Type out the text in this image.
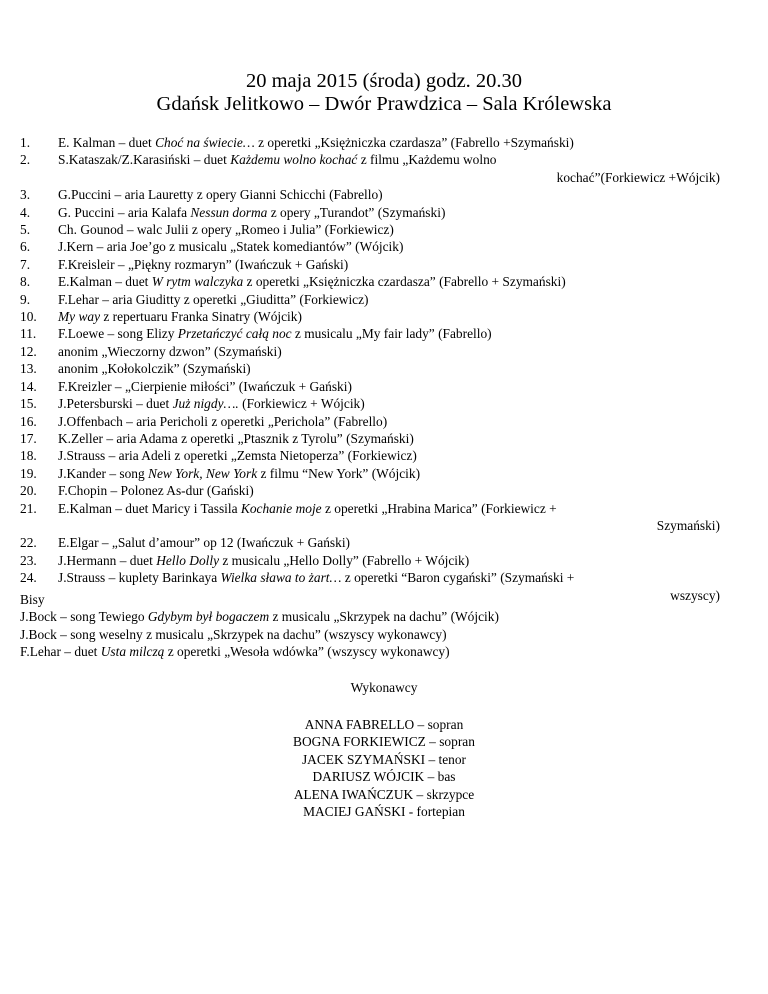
20 maja 2015 (środa) godz. 20.30
Gdańsk Jelitkowo – Dwór Prawdzica – Sala Królewska
1. E. Kalman – duet Choć na świecie… z operetki „Księżniczka czardasza” (Fabrello +Szymański)
2. S.Kataszak/Z.Karasiński – duet Każdemu wolno kochać z filmu „Każdemu wolno
kochać”(Forkiewicz +Wójcik)
3. G.Puccini – aria Lauretty z opery Gianni Schicchi (Fabrello)
4. G. Puccini – aria Kalafa Nessun dorma z opery „Turandot” (Szymański)
5. Ch. Gounod – walc Julii z opery „Romeo i Julia” (Forkiewicz)
6. J.Kern – aria Joe’go z musicalu „Statek komediantów” (Wójcik)
7. F.Kreisleir – „Piękny rozmaryn” (Iwańczuk + Gański)
8. E.Kalman – duet W rytm walczyka z operetki „Księżniczka czardasza” (Fabrello + Szymański)
9. F.Lehar – aria Giuditty z operetki „Giuditta” (Forkiewicz)
10. My way z repertuaru Franka Sinatry (Wójcik)
11. F.Loewe – song Elizy Przetańczyć całą noc z musicalu „My fair lady” (Fabrello)
12. anonim „Wieczorny dzwon” (Szymański)
13. anonim „Kołokolczik” (Szymański)
14. F.Kreizler – „Cierpienie miłości” (Iwańczuk + Gański)
15. J.Petersburski – duet Już nigdy…. (Forkiewicz + Wójcik)
16. J.Offenbach – aria Pericholi z operetki „Perichola” (Fabrello)
17. K.Zeller – aria Adama z operetki „Ptasznik z Tyrolu” (Szymański)
18. J.Strauss – aria Adeli z operetki „Zemsta Nietoperza” (Forkiewicz)
19. J.Kander – song New York, New York z filmu “New York” (Wójcik)
20. F.Chopin – Polonez As-dur (Gański)
21. E.Kalman – duet Maricy i Tassila Kochanie moje z operetki „Hrabina Marica” (Forkiewicz +
Szymański)
22. E.Elgar – „Salut d’amour” op 12 (Iwańczuk + Gański)
23. J.Hermann – duet Hello Dolly z musicalu „Hello Dolly” (Fabrello + Wójcik)
24. J.Strauss – kuplety Barinkaya Wielka sława to żart… z operetki “Baron cygański” (Szymański +
wszyscy)
Bisy
J.Bock – song Tewiego Gdybym był bogaczem z musicalu „Skrzypek na dachu” (Wójcik)
J.Bock – song weselny z musicalu „Skrzypek na dachu” (wszyscy wykonawcy)
F.Lehar – duet Usta milczą z operetki „Wesoła wdówka” (wszyscy wykonawcy)
Wykonawcy
ANNA FABRELLO – sopran
BOGNA FORKIEWICZ – sopran
JACEK SZYMAŃSKI – tenor
DARIUSZ WÓJCIK – bas
ALENA IWAŃCZUK – skrzypce
MACIEJ GAŃSKI - fortepian
